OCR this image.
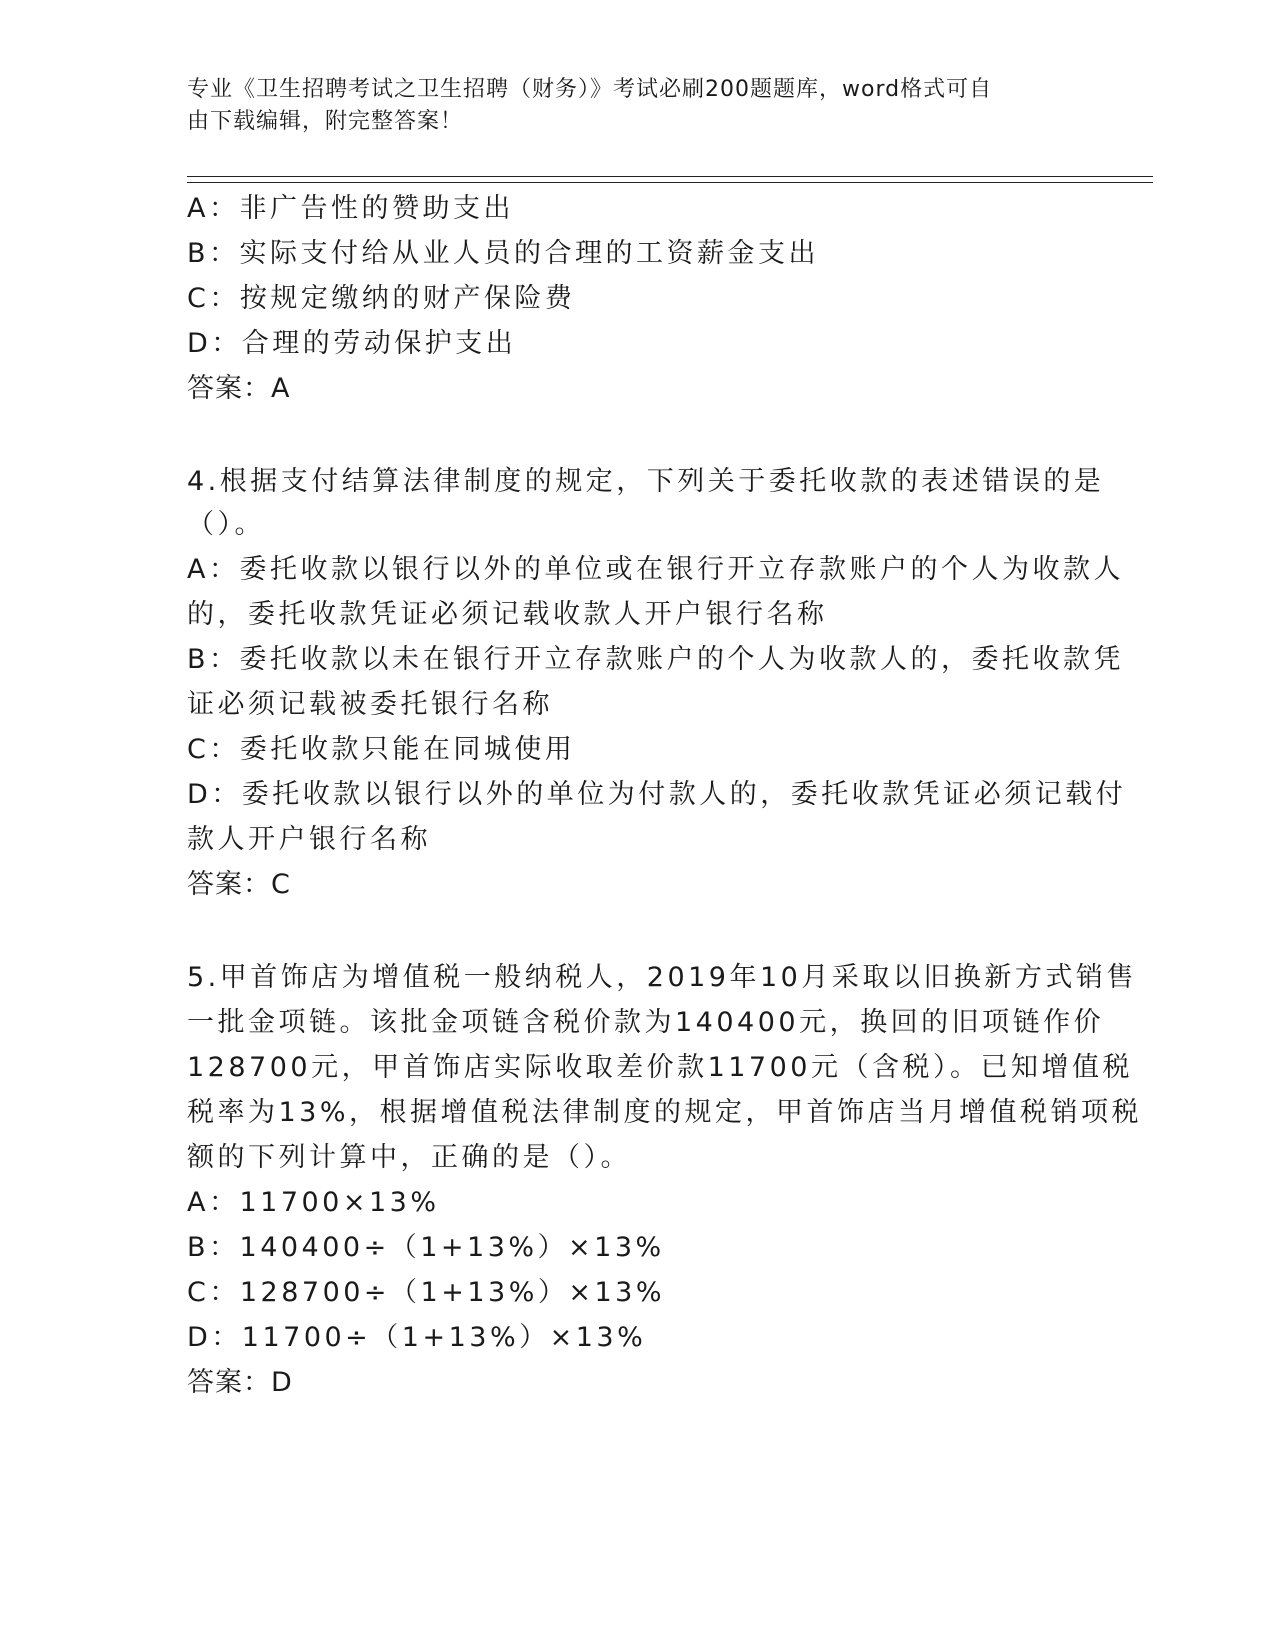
专业《卫生招聘考试之卫生招聘（财务）》考试必刷200题题库，word格式可自
由下载编辑，附完整答案！
A：非广告性的赞助支出
B：实际支付给从业人员的合理的工资薪金支出
C：按规定缴纳的财产保险费
D：合理的劳动保护支出
答案：A
4.根据支付结算法律制度的规定，下列关于委托收款的表述错误的是
（）。
A：委托收款以银行以外的单位或在银行开立存款账户的个人为收款人
的，委托收款凭证必须记载收款人开户银行名称
B：委托收款以未在银行开立存款账户的个人为收款人的，委托收款凭
证必须记载被委托银行名称
C：委托收款只能在同城使用
D：委托收款以银行以外的单位为付款人的，委托收款凭证必须记载付
款人开户银行名称
答案：C
5.甲首饰店为增值税一般纳税人，2019年10月采取以旧换新方式销售
一批金项链。该批金项链含税价款为140400元，换回的旧项链作价
128700元，甲首饰店实际收取差价款11700元（含税）。已知增值税
税率为13%，根据增值税法律制度的规定，甲首饰店当月增值税销项税
额的下列计算中，正确的是（）。
A：11700×13%
B：140400÷（1+13%）×13%
C：128700÷（1+13%）×13%
D：11700÷（1+13%）×13%
答案：D
